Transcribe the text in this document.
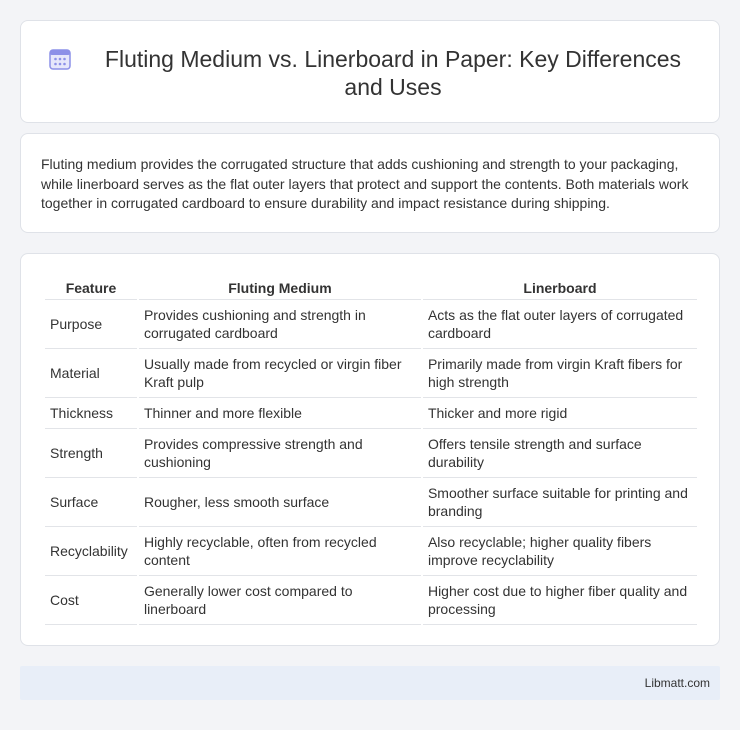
Fluting Medium vs. Linerboard in Paper: Key Differences and Uses

Fluting medium provides the corrugated structure that adds cushioning and strength to your packaging, while linerboard serves as the flat outer layers that protect and support the contents. Both materials work together in corrugated cardboard to ensure durability and impact resistance during shipping.

Feature	Fluting Medium	Linerboard
Purpose	Provides cushioning and strength in corrugated cardboard	Acts as the flat outer layers of corrugated cardboard
Material	Usually made from recycled or virgin fiber Kraft pulp	Primarily made from virgin Kraft fibers for high strength
Thickness	Thinner and more flexible	Thicker and more rigid
Strength	Provides compressive strength and cushioning	Offers tensile strength and surface durability
Surface	Rougher, less smooth surface	Smoother surface suitable for printing and branding
Recyclability	Highly recyclable, often from recycled content	Also recyclable; higher quality fibers improve recyclability
Cost	Generally lower cost compared to linerboard	Higher cost due to higher fiber quality and processing
Libmatt.com
